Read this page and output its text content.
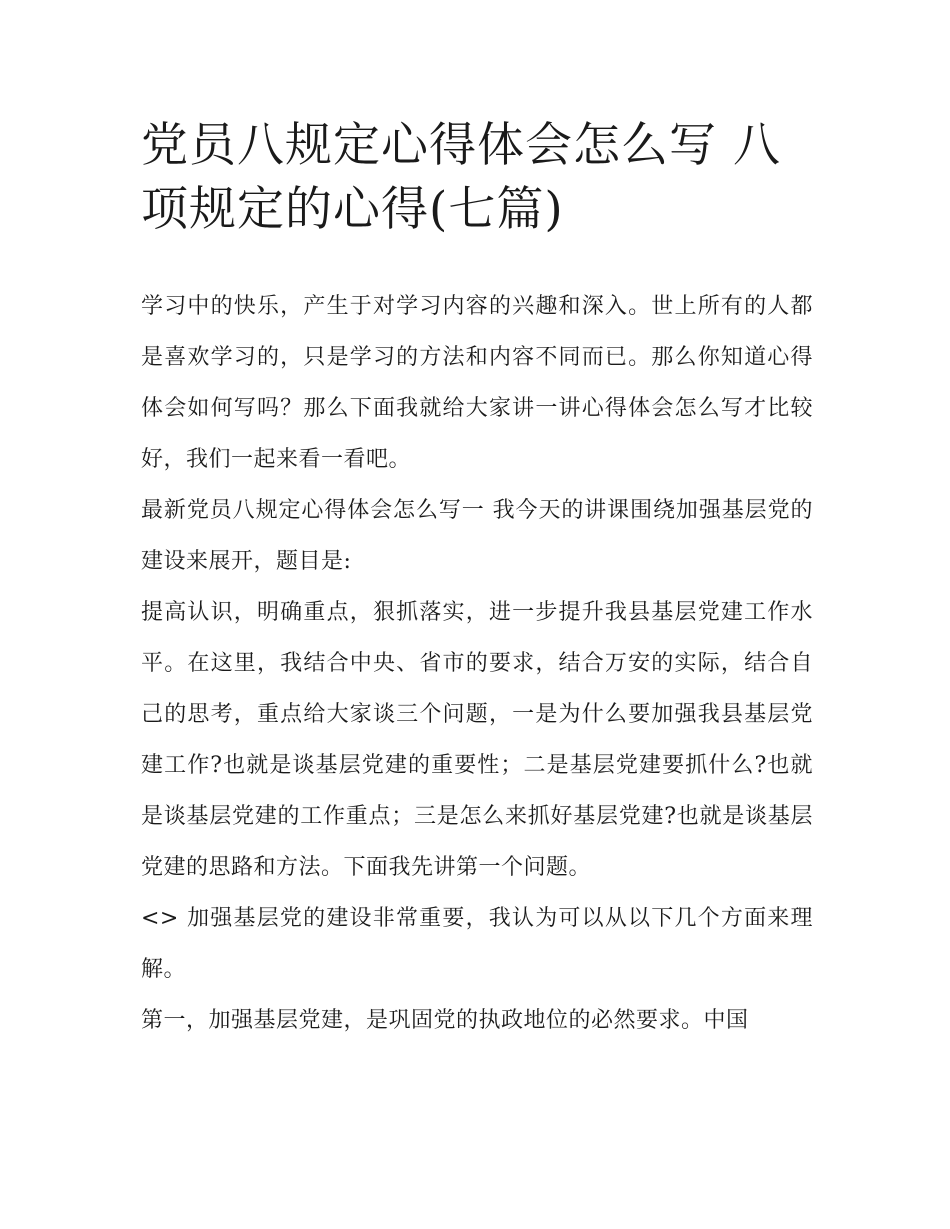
党员八规定心得体会怎么写 八项规定的心得(七篇)

学习中的快乐，产生于对学习内容的兴趣和深入。世上所有的人都是喜欢学习的，只是学习的方法和内容不同而已。那么你知道心得体会如何写吗？那么下面我就给大家讲一讲心得体会怎么写才比较好，我们一起来看一看吧。

最新党员八规定心得体会怎么写一 我今天的讲课围绕加强基层党的建设来展开，题目是:

提高认识，明确重点，狠抓落实，进一步提升我县基层党建工作水平。在这里，我结合中央、省市的要求，结合万安的实际，结合自己的思考，重点给大家谈三个问题，一是为什么要加强我县基层党建工作?也就是谈基层党建的重要性；二是基层党建要抓什么?也就是谈基层党建的工作重点；三是怎么来抓好基层党建?也就是谈基层党建的思路和方法。下面我先讲第一个问题。

<> 加强基层党的建设非常重要，我认为可以从以下几个方面来理解。

第一，加强基层党建，是巩固党的执政地位的必然要求。中国
